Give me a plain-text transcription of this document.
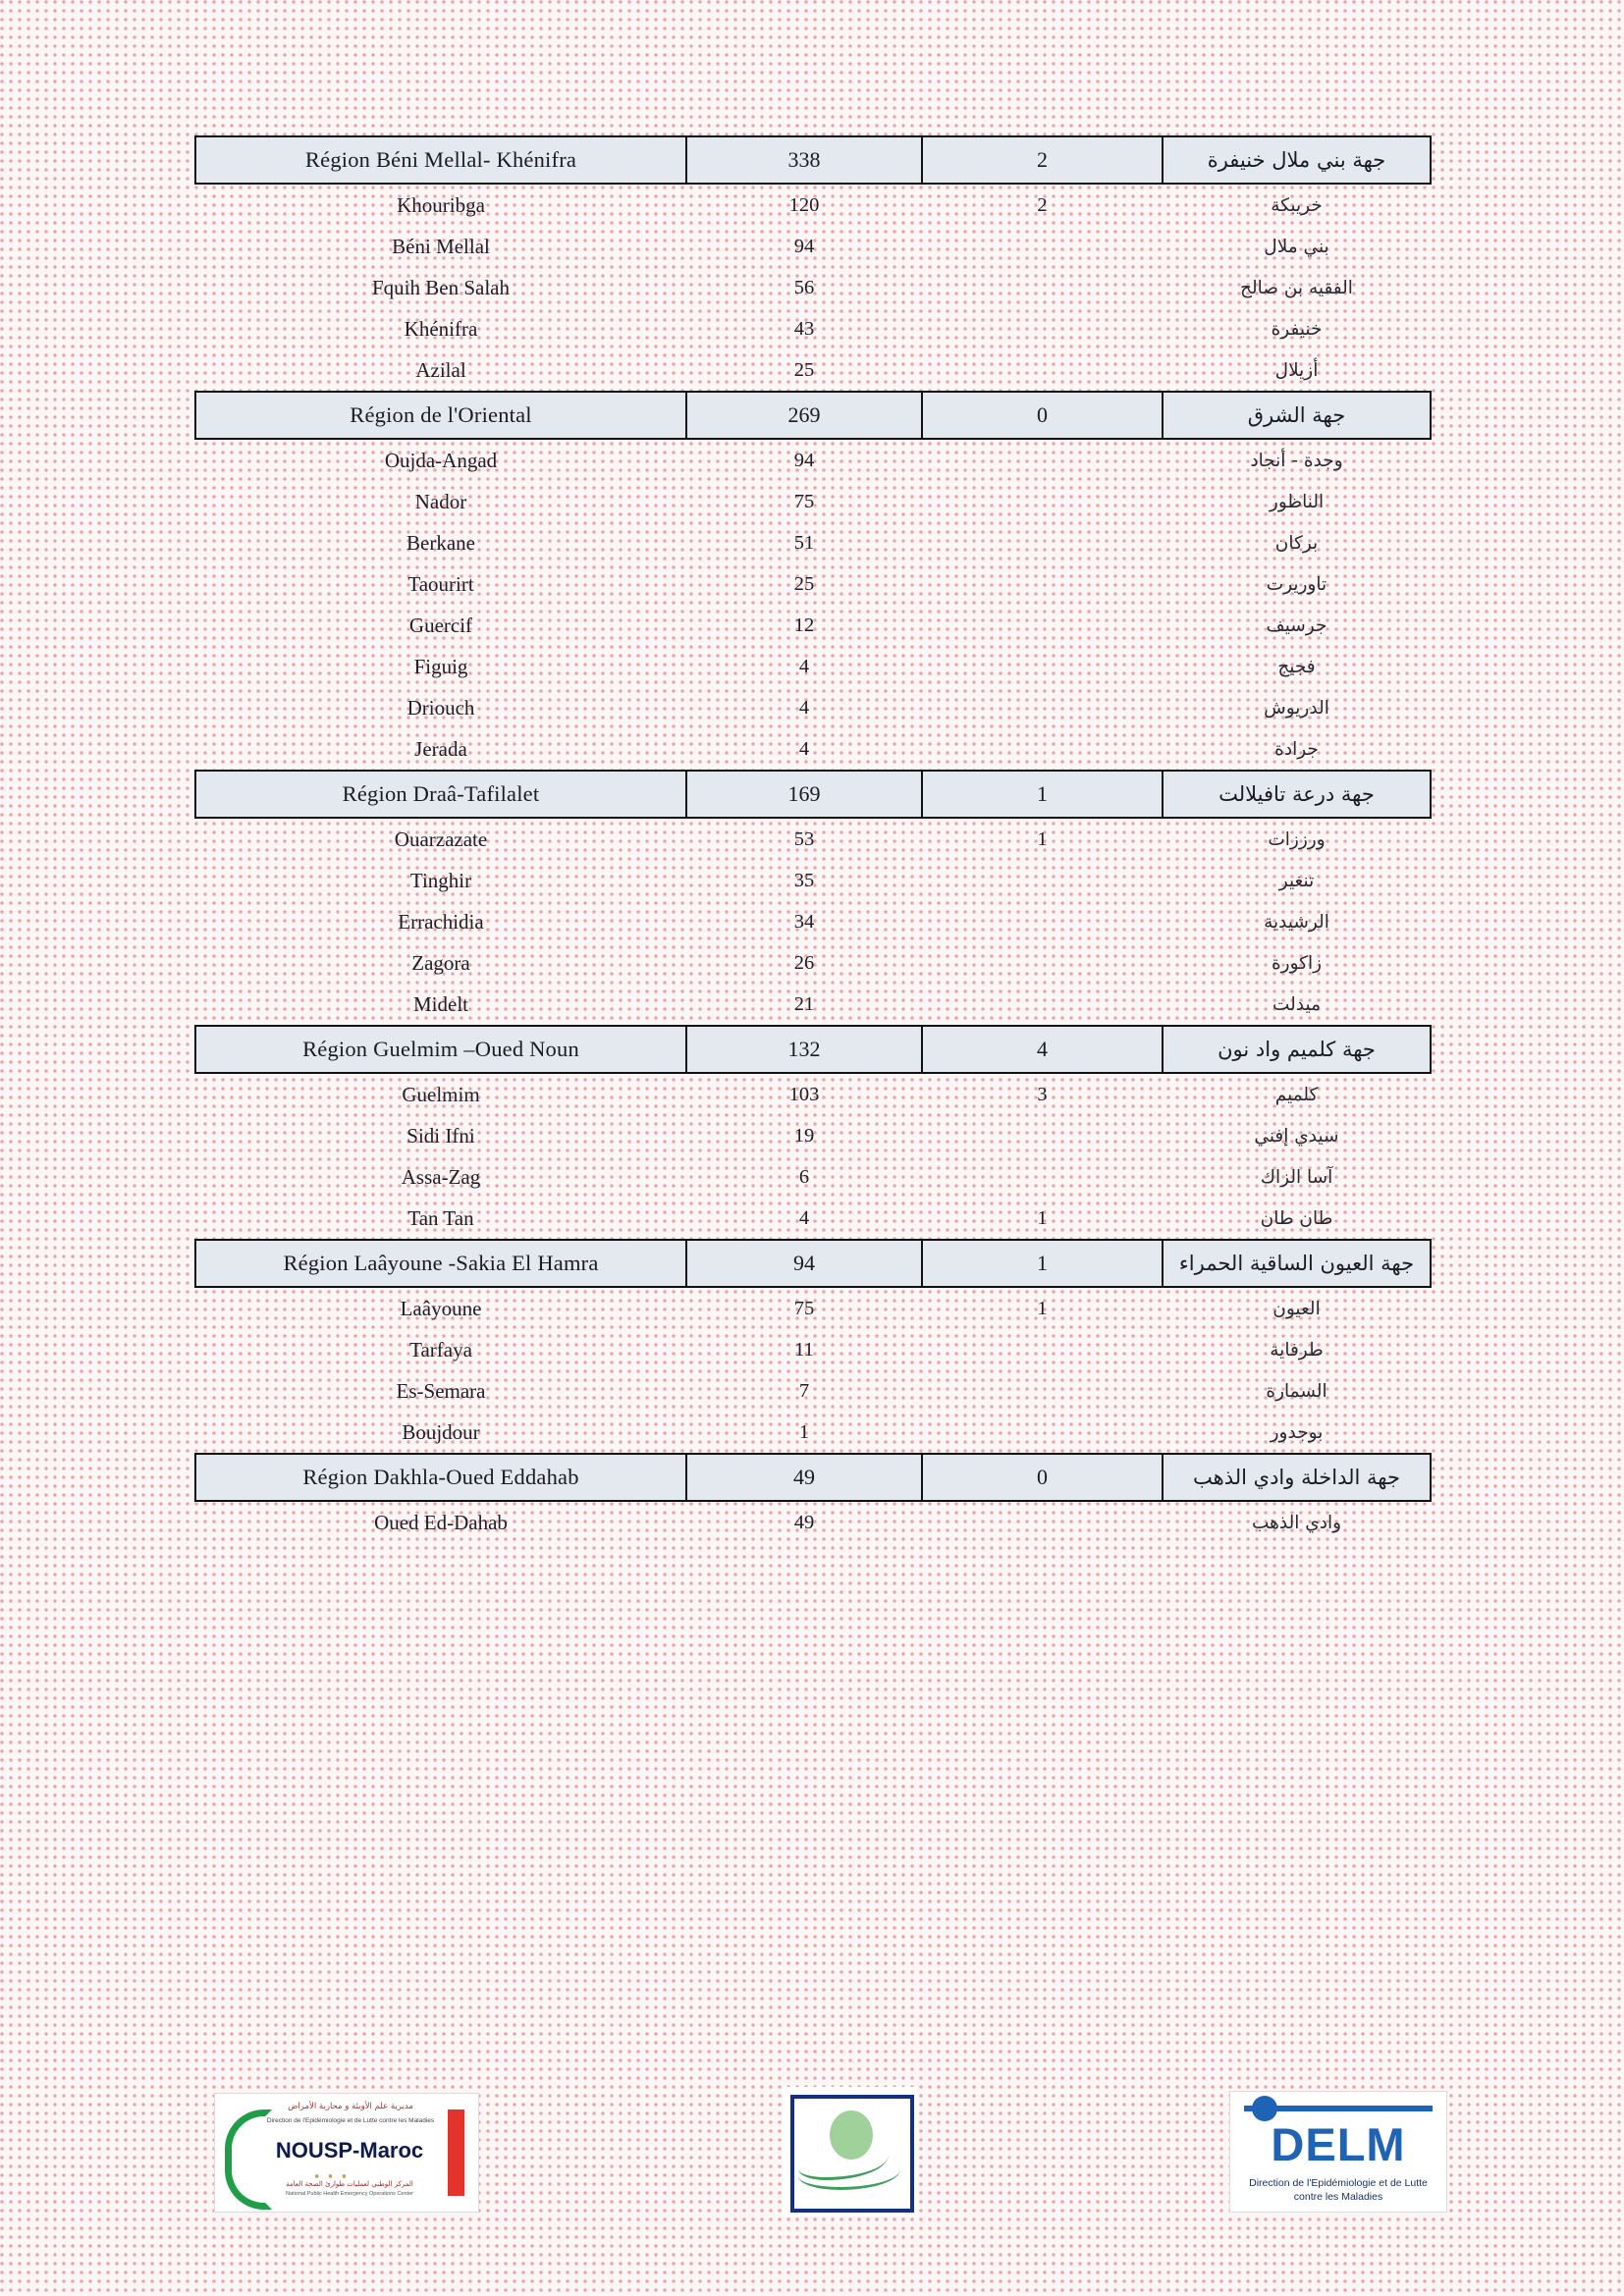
Région Béni Mellal- Khénifra	338	2	جهة بني ملال خنيفرة
Khouribga	120	2	خريبكة
Béni Mellal	94		بني ملال
Fquih Ben Salah	56		الفقيه بن صالح
Khénifra	43		خنيفرة
Azilal	25		أزيلال
Région de l'Oriental	269	0	جهة الشرق
Oujda-Angad	94		وجدة - أنجاد
Nador	75		الناظور
Berkane	51		بركان
Taourirt	25		تاوريرت
Guercif	12		جرسيف
Figuig	4		فجيج
Driouch	4		الدريوش
Jerada	4		جرادة
Région Draâ-Tafilalet	169	1	جهة درعة تافيلالت
Ouarzazate	53	1	ورززات
Tinghir	35		تنغير
Errachidia	34		الرشيدية
Zagora	26		زاكورة
Midelt	21		ميدلت
Région Guelmim –Oued Noun	132	4	جهة كلميم واد نون
Guelmim	103	3	كلميم
Sidi Ifni	19		سيدي إفني
Assa-Zag	6		آسا الزاك
Tan Tan	4	1	طان طان
Région Laâyoune -Sakia El Hamra	94	1	جهة العيون الساقية الحمراء
Laâyoune	75	1	العيون
Tarfaya	11		طرفاية
Es-Semara	7		السمارة
Boujdour	1		بوجدور
Région Dakhla-Oued Eddahab	49	0	جهة الداخلة وادي الذهب
Oued Ed-Dahab	49		وادي الذهب
مديرية علم الأوبئة و محاربة الأمراض
Direction de l'Epidémiologie et de Lutte contre les Maladies
NOUSP-Maroc
▪ ▪ ▪
المركز الوطني لعمليات طوارئ الصحة العامة
National Public Health Emergency Operations Center
DELM
Direction de l'Epidémiologie et de Lutte contre les Maladies
